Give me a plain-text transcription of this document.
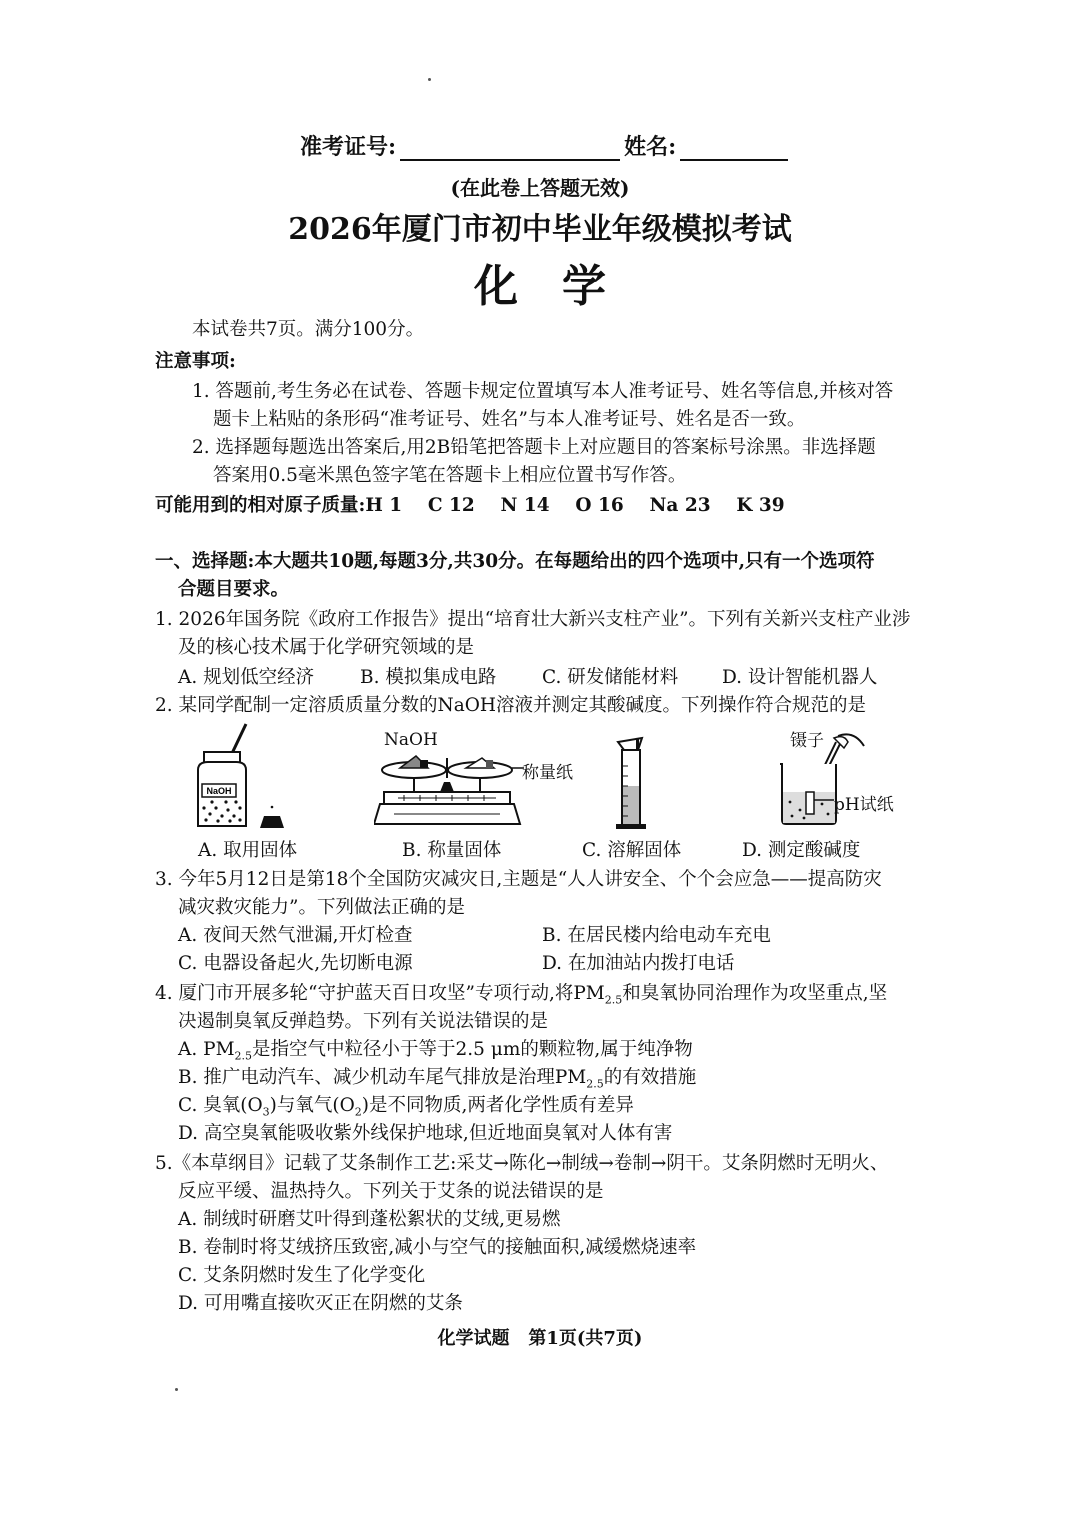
准考证号:	姓名:
(在此卷上答题无效)
2026年厦门市初中毕业年级模拟考试
化学
本试卷共7页。满分100分。
注意事项:
1. 答题前,考生务必在试卷、答题卡规定位置填写本人准考证号、姓名等信息,并核对答
题卡上粘贴的条形码“准考证号、姓名”与本人准考证号、姓名是否一致。
2. 选择题每题选出答案后,用2B铅笔把答题卡上对应题目的答案标号涂黑。非选择题
答案用0.5毫米黑色签字笔在答题卡上相应位置书写作答。
可能用到的相对原子质量:H 1    C 12    N 14    O 16    Na 23    K 39
一、选择题:本大题共10题,每题3分,共30分。在每题给出的四个选项中,只有一个选项符
合题目要求。
1. 2026年国务院《政府工作报告》提出“培育壮大新兴支柱产业”。下列有关新兴支柱产业涉
及的核心技术属于化学研究领域的是
A. 规划低空经济 B. 模拟集成电路 C. 研发储能材料 D. 设计智能机器人
2. 某同学配制一定溶质质量分数的NaOH溶液并测定其酸碱度。下列操作符合规范的是
NaOH
A. 取用固体
NaOH
称量纸
B. 称量固体	C. 溶解固体
镊子
pH试纸
D. 测定酸碱度
3. 今年5月12日是第18个全国防灾减灾日,主题是“人人讲安全、个个会应急——提高防灾
减灾救灾能力”。下列做法正确的是
A. 夜间天然气泄漏,开灯检查	B. 在居民楼内给电动车充电
C. 电器设备起火,先切断电源	D. 在加油站内拨打电话
4. 厦门市开展多轮“守护蓝天百日攻坚”专项行动,将$PM_{2.5}$和臭氧协同治理作为攻坚重点,坚
决遏制臭氧反弹趋势。下列有关说法错误的是
A. $PM_{2.5}$是指空气中粒径小于等于2.5 μm的颗粒物,属于纯净物
B. 推广电动汽车、减少机动车尾气排放是治理$PM_{2.5}$的有效措施
C. 臭氧$(O_3)$与氧气$(O_2)$是不同物质,两者化学性质有差异
D. 高空臭氧能吸收紫外线保护地球,但近地面臭氧对人体有害
5.《本草纲目》记载了艾条制作工艺:采艾→陈化→制绒→卷制→阴干。艾条阴燃时无明火、
反应平缓、温热持久。下列关于艾条的说法错误的是
A. 制绒时研磨艾叶得到蓬松絮状的艾绒,更易燃
B. 卷制时将艾绒挤压致密,减小与空气的接触面积,减缓燃烧速率
C. 艾条阴燃时发生了化学变化
D. 可用嘴直接吹灭正在阴燃的艾条
化学试题   第1页(共7页)
